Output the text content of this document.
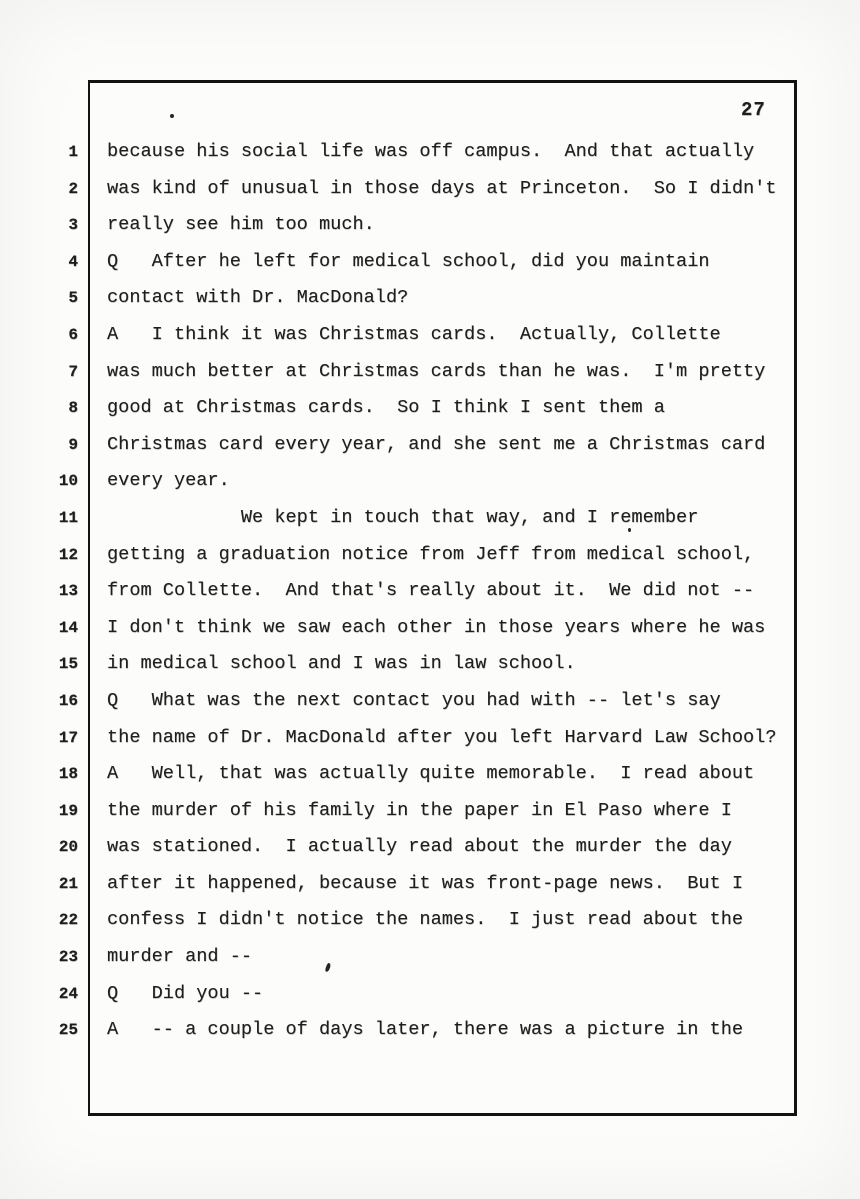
27
1 because his social life was off campus.  And that actually
2 was kind of unusual in those days at Princeton.  So I didn't
3 really see him too much.
4 Q   After he left for medical school, did you maintain
5 contact with Dr. MacDonald?
6 A   I think it was Christmas cards.  Actually, Collette
7 was much better at Christmas cards than he was.  I'm pretty
8 good at Christmas cards.  So I think I sent them a
9 Christmas card every year, and she sent me a Christmas card
10 every year.
11 We kept in touch that way, and I remember
12 getting a graduation notice from Jeff from medical school,
13 from Collette.  And that's really about it.  We did not --
14 I don't think we saw each other in those years where he was
15 in medical school and I was in law school.
16 Q   What was the next contact you had with -- let's say
17 the name of Dr. MacDonald after you left Harvard Law School?
18 A   Well, that was actually quite memorable.  I read about
19 the murder of his family in the paper in El Paso where I
20 was stationed.  I actually read about the murder the day
21 after it happened, because it was front-page news.  But I
22 confess I didn't notice the names.  I just read about the
23 murder and --
24 Q   Did you --
25 A   -- a couple of days later, there was a picture in the
